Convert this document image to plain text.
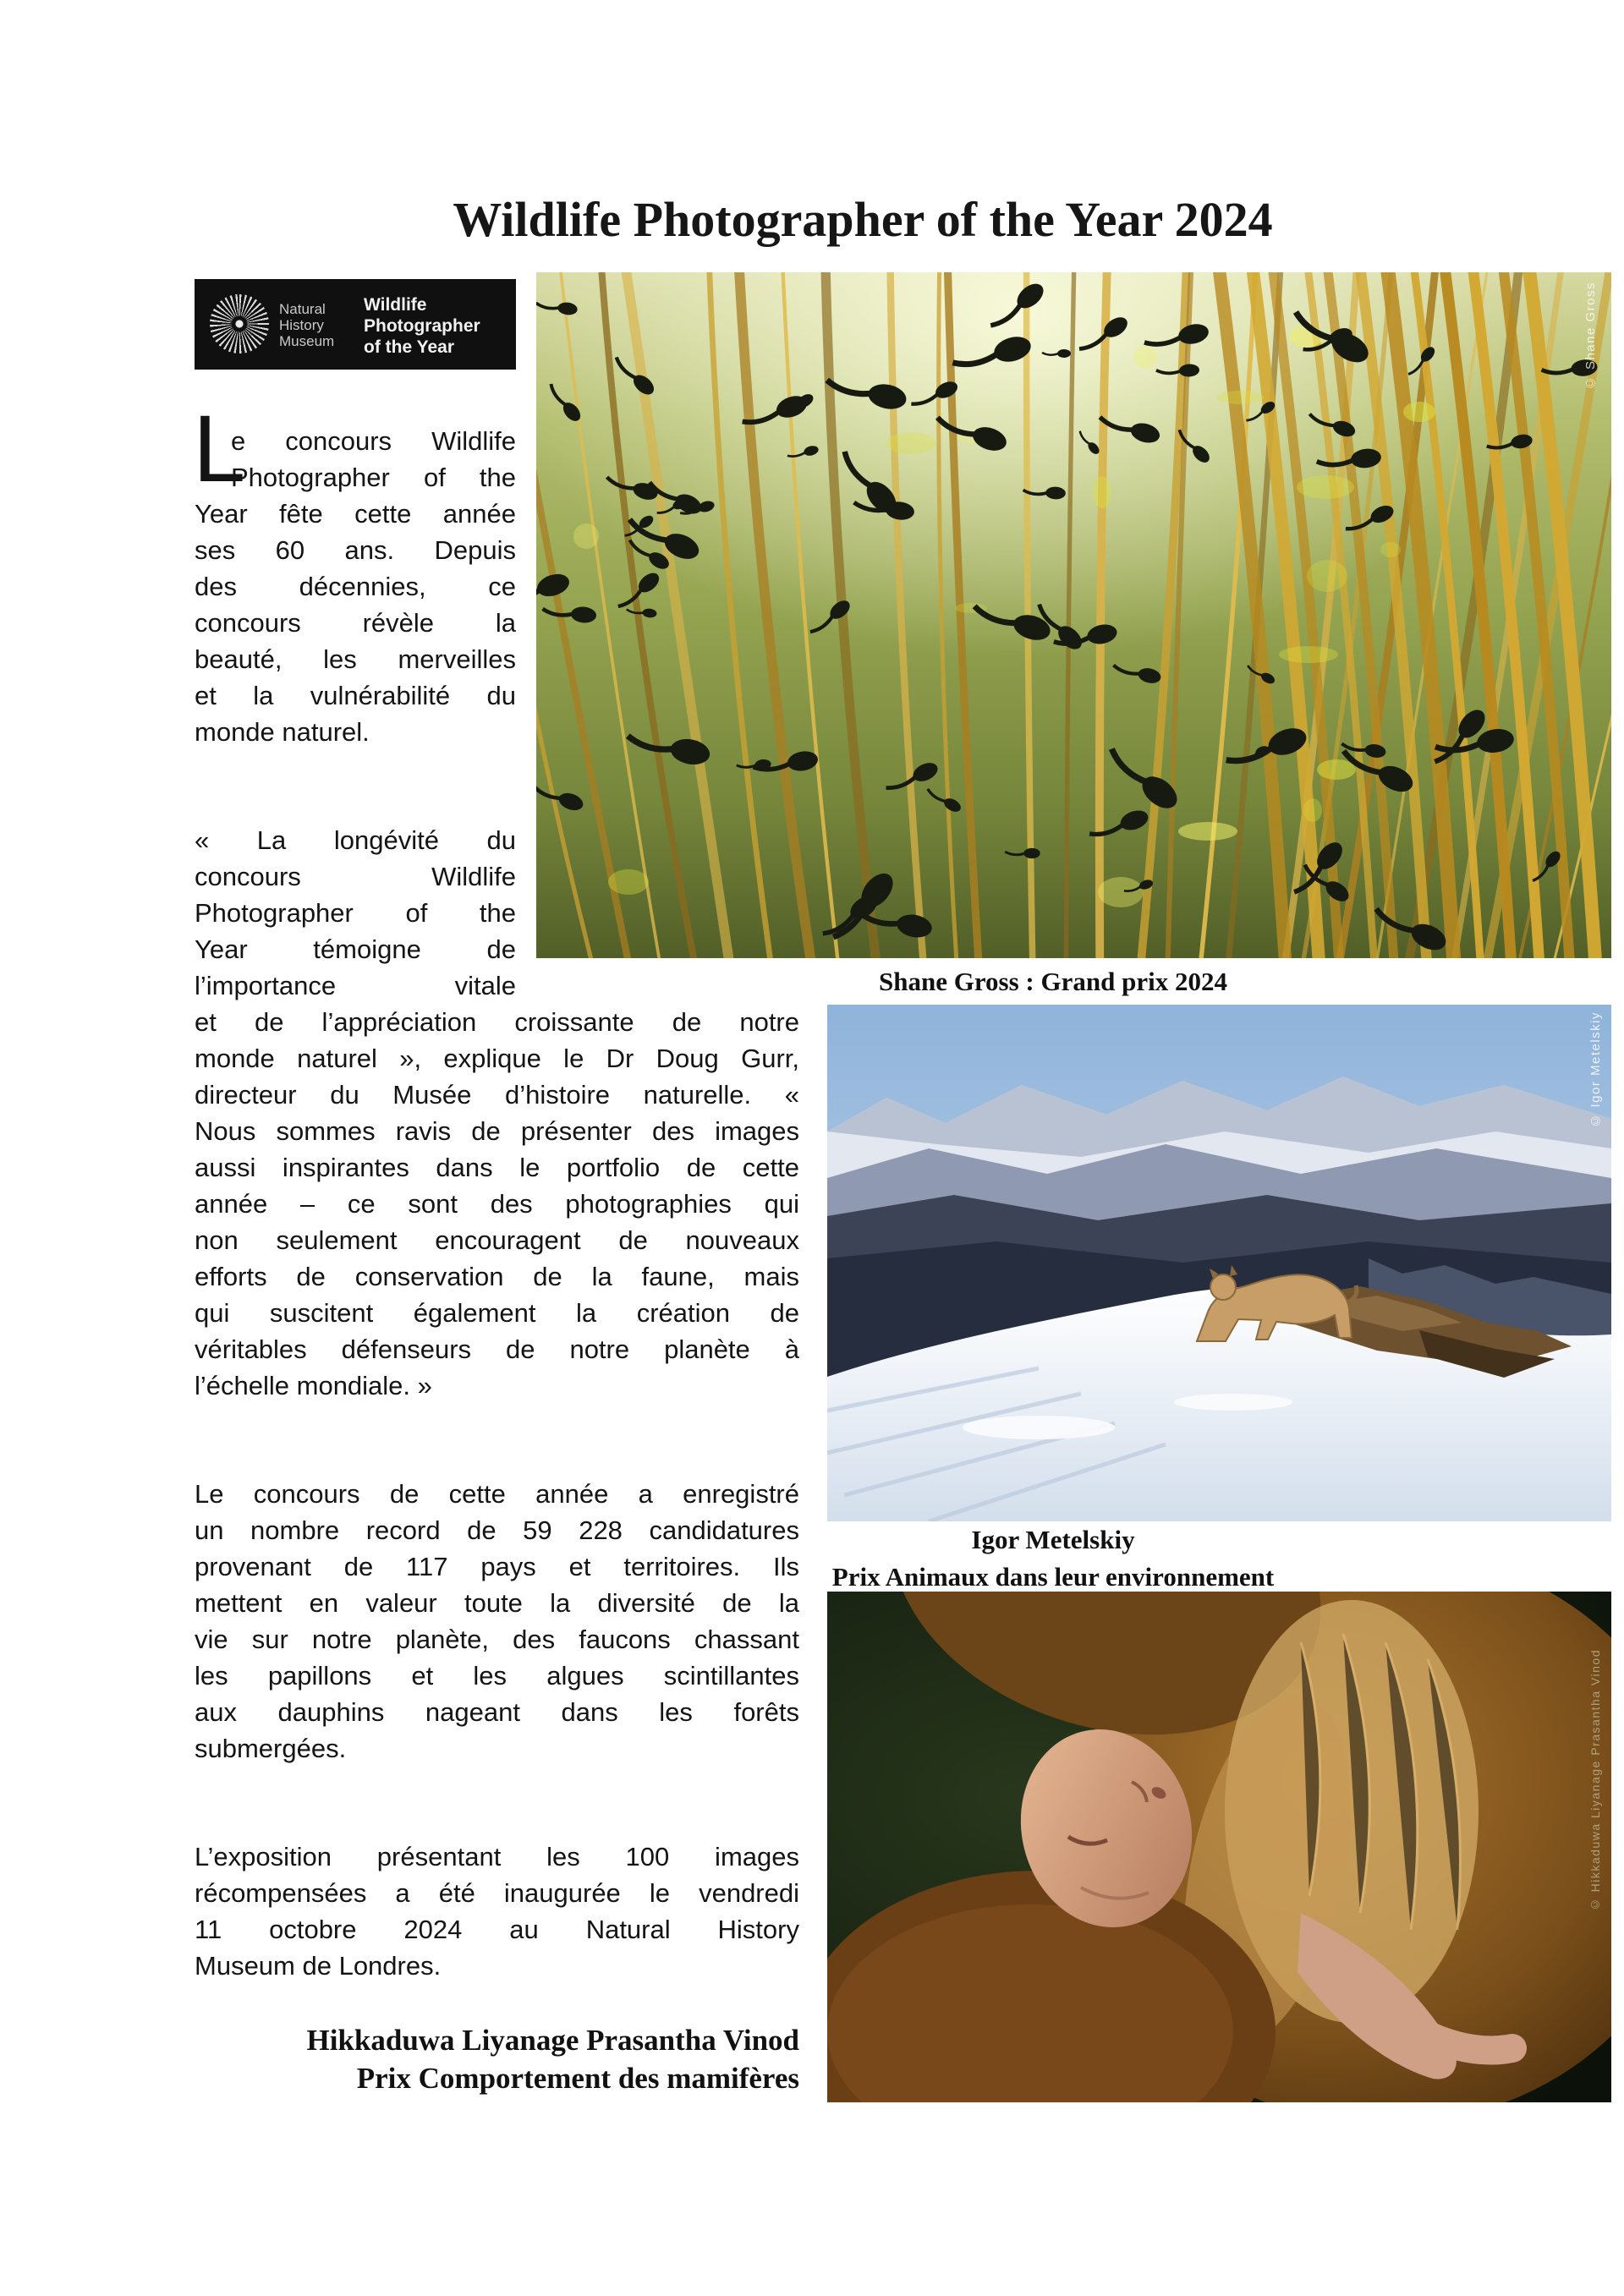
Wildlife Photographer of the Year 2024
Natural
History
Museum
Wildlife
Photographer
of the Year	© Shane Gross
Shane Gross : Grand prix 2024
© Igor Metelskiy
Igor Metelskiy
Prix Animaux dans leur environnement
© Hikkaduwa Liyanage Prasantha Vinod
L

e concours Wildlife
Photographer of the
Year fête cette année
ses 60 ans. Depuis
des décennies, ce
concours révèle la
beauté, les merveilles
et la vulnérabilité du
monde naturel.

« La longévité du
concours Wildlife
Photographer of the
Year témoigne de
l’importance vitale
et de l’appréciation croissante de notre
monde naturel », explique le Dr Doug Gurr,
directeur du Musée d’histoire naturelle. «
Nous sommes ravis de présenter des images
aussi inspirantes dans le portfolio de cette
année – ce sont des photographies qui
non seulement encouragent de nouveaux
efforts de conservation de la faune, mais
qui suscitent également la création de
véritables défenseurs de notre planète à
l’échelle mondiale. »

Le concours de cette année a enregistré
un nombre record de 59 228 candidatures
provenant de 117 pays et territoires. Ils
mettent en valeur toute la diversité de la
vie sur notre planète, des faucons chassant
les papillons et les algues scintillantes
aux dauphins nageant dans les forêts
submergées.

L’exposition présentant les 100 images
récompensées a été inaugurée le vendredi
11 octobre 2024 au Natural History
Museum de Londres.

Hikkaduwa Liyanage Prasantha Vinod
Prix Comportement des mamifères
